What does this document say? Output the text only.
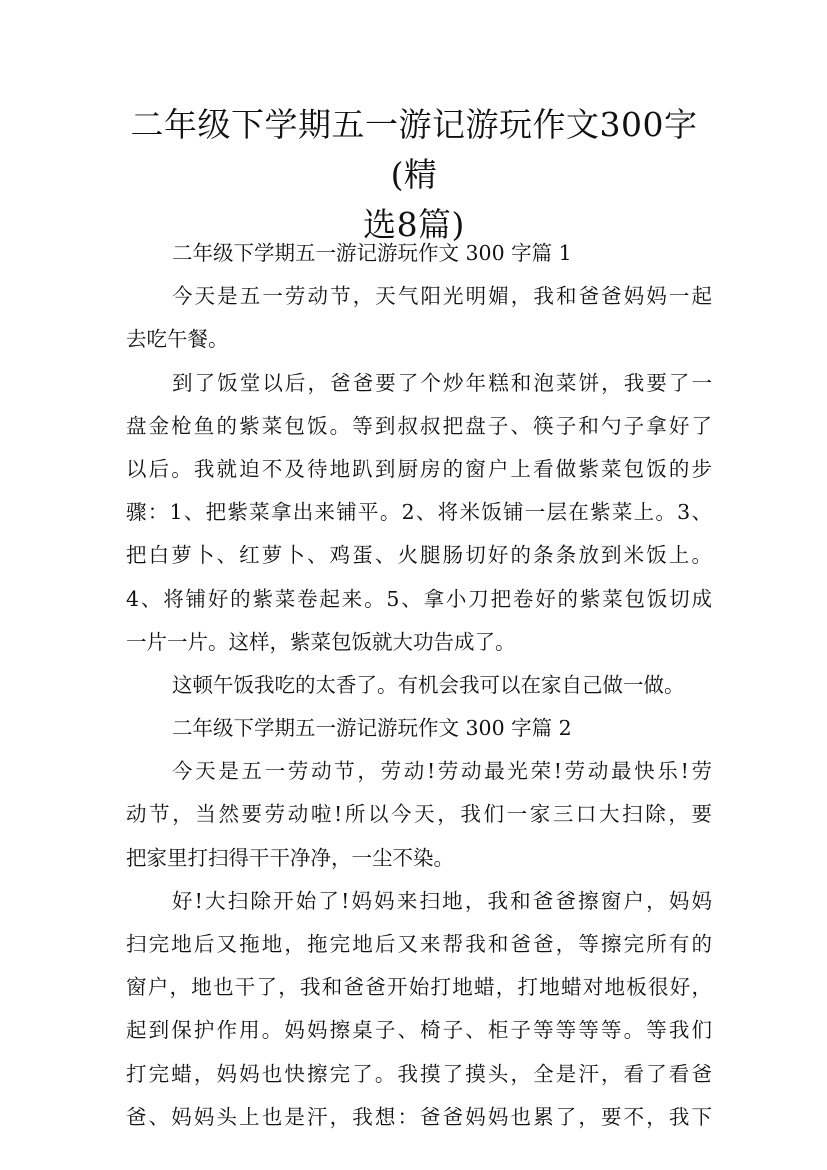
二年级下学期五一游记游玩作文300字(精
选8篇)
二年级下学期五一游记游玩作文 300 字篇 1
今天是五一劳动节，天气阳光明媚，我和爸爸妈妈一起
去吃午餐。
到了饭堂以后，爸爸要了个炒年糕和泡菜饼，我要了一
盘金枪鱼的紫菜包饭。等到叔叔把盘子、筷子和勺子拿好了
以后。我就迫不及待地趴到厨房的窗户上看做紫菜包饭的步
骤：1、把紫菜拿出来铺平。2、将米饭铺一层在紫菜上。3、
把白萝卜、红萝卜、鸡蛋、火腿肠切好的条条放到米饭上。
4、将铺好的紫菜卷起来。5、拿小刀把卷好的紫菜包饭切成
一片一片。这样，紫菜包饭就大功告成了。
这顿午饭我吃的太香了。有机会我可以在家自己做一做。
二年级下学期五一游记游玩作文 300 字篇 2
今天是五一劳动节，劳动!劳动最光荣!劳动最快乐!劳
动节，当然要劳动啦!所以今天，我们一家三口大扫除，要
把家里打扫得干干净净，一尘不染。
好!大扫除开始了!妈妈来扫地，我和爸爸擦窗户，妈妈
扫完地后又拖地，拖完地后又来帮我和爸爸，等擦完所有的
窗户，地也干了，我和爸爸开始打地蜡，打地蜡对地板很好，
起到保护作用。妈妈擦桌子、椅子、柜子等等等等。等我们
打完蜡，妈妈也快擦完了。我摸了摸头，全是汗，看了看爸
爸、妈妈头上也是汗，我想：爸爸妈妈也累了，要不，我下
